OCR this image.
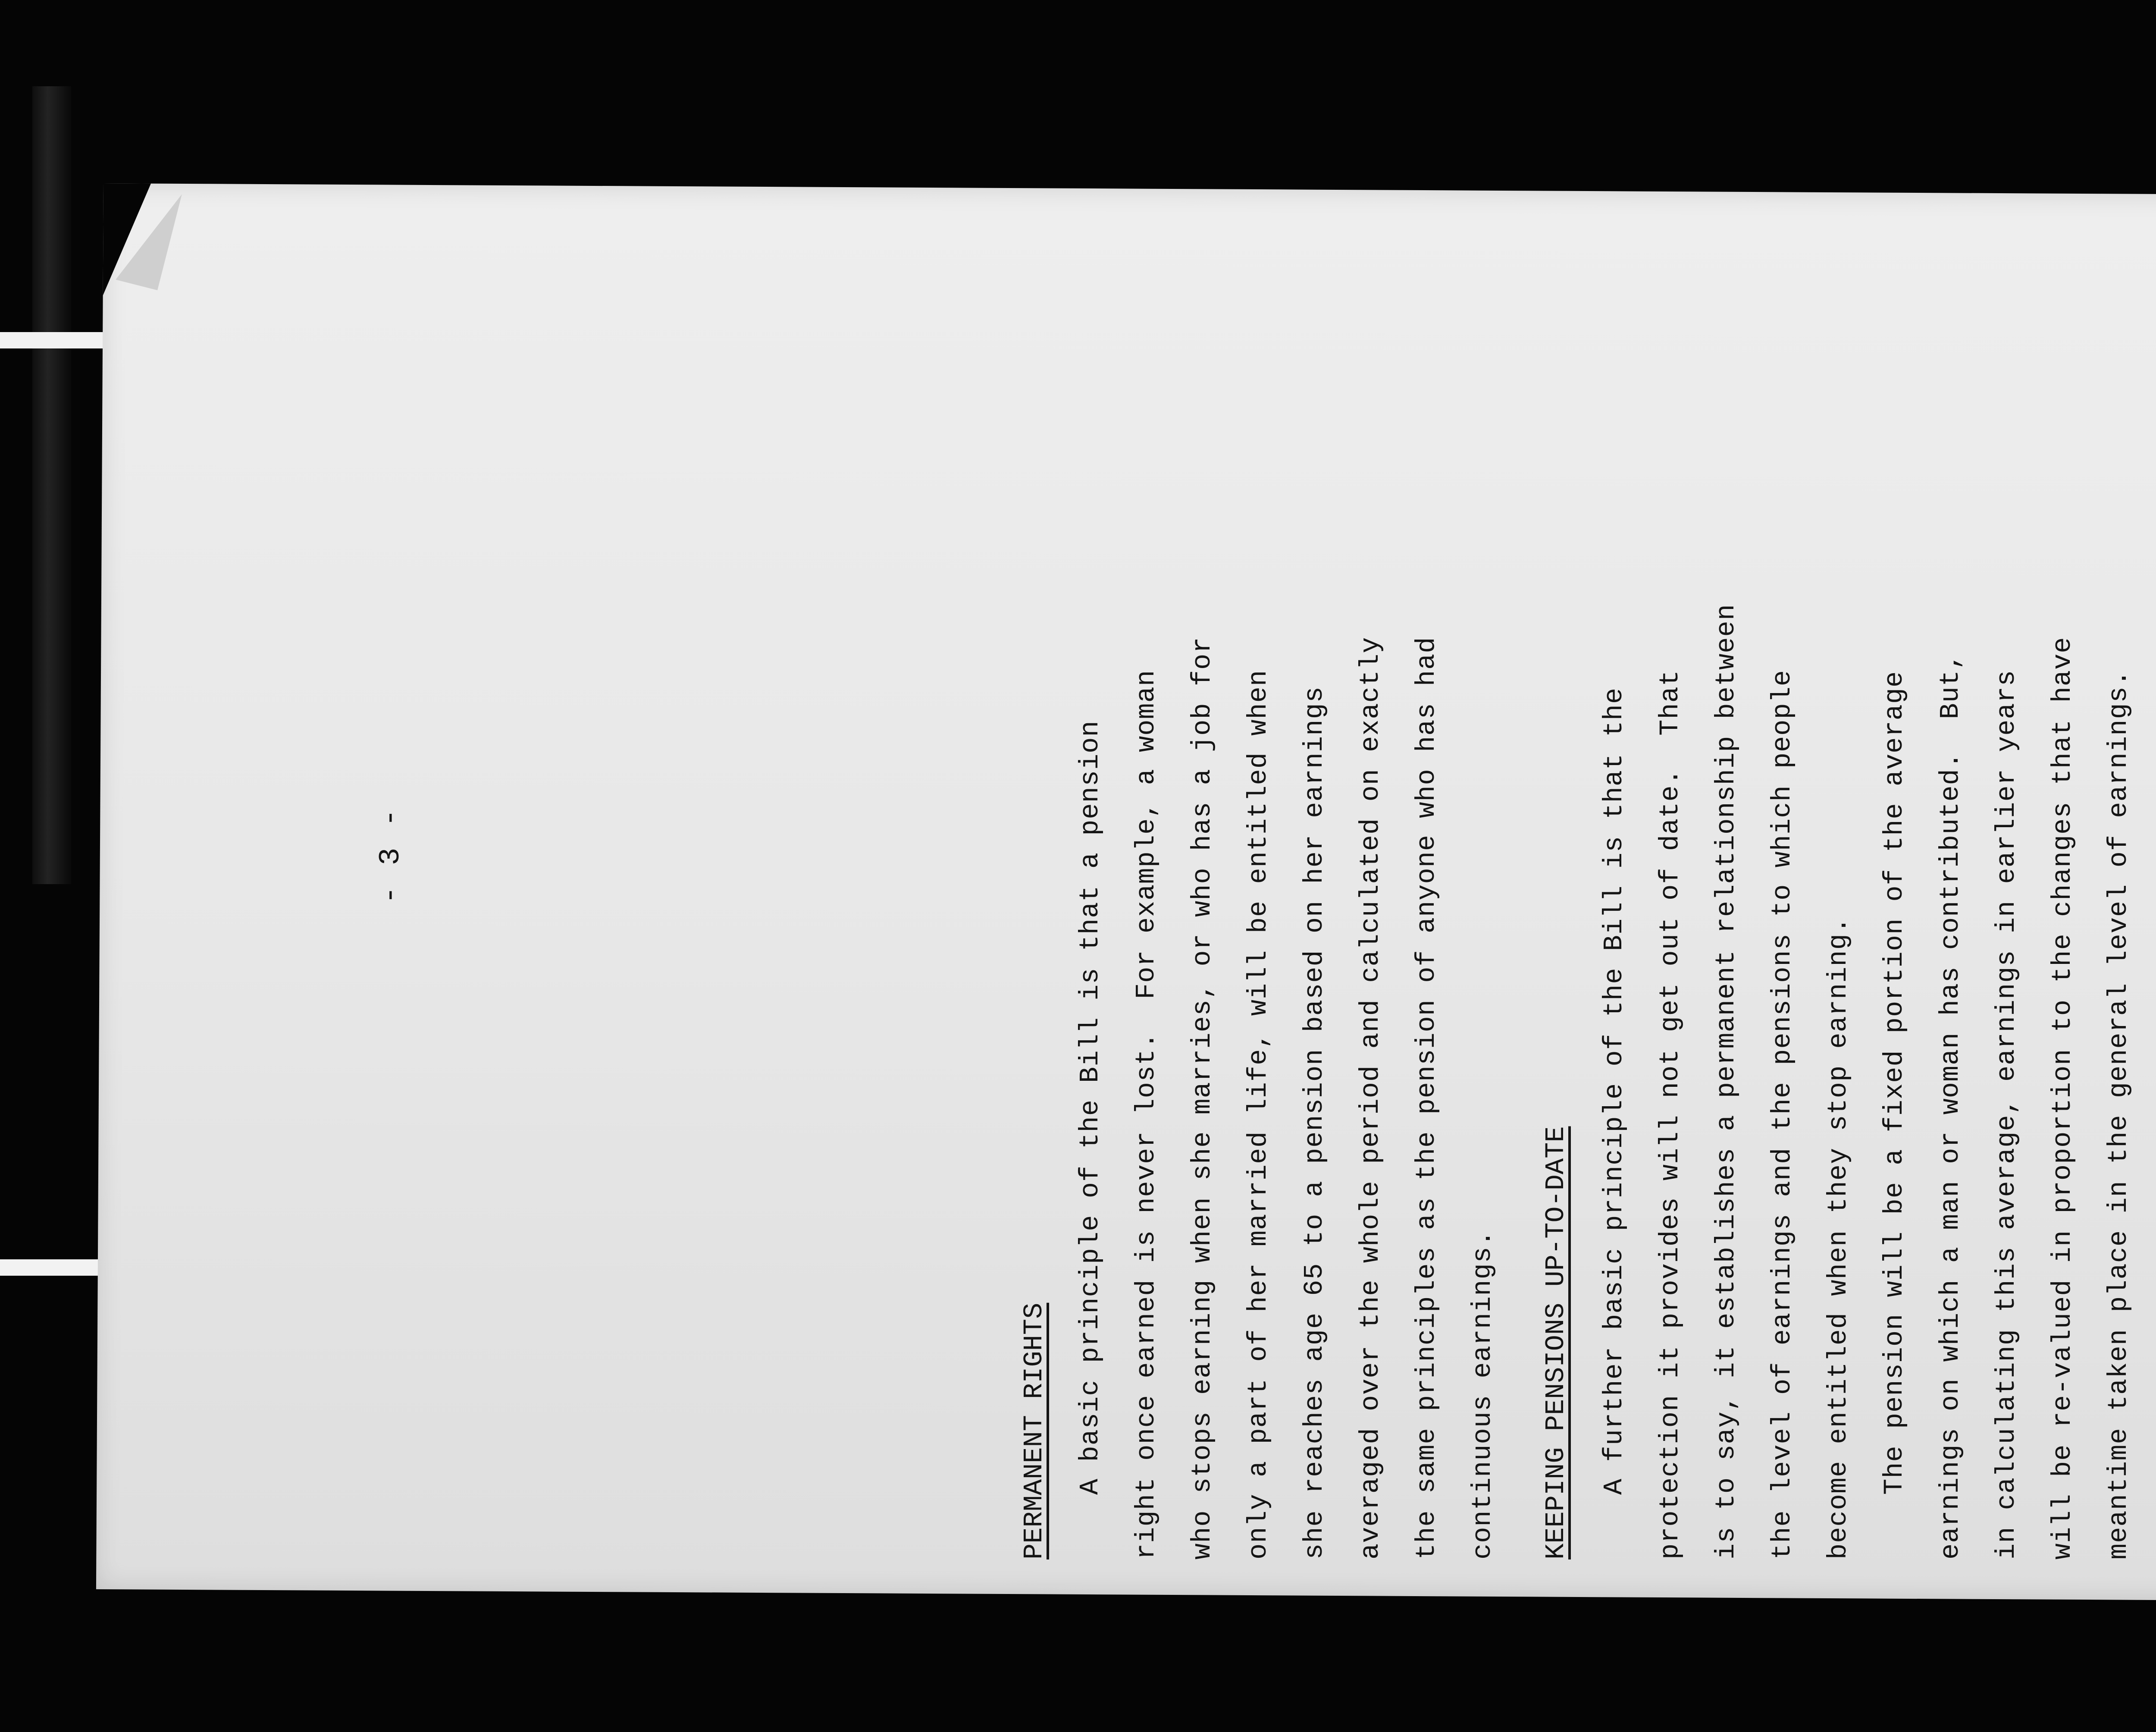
- 3 -
PERMANENT RIGHTS A basic principle of the Bill is that a pension right once earned is never lost.  For example, a woman who stops earning when she marries, or who has a job for only a part of her married life, will be entitled when she reaches age 65 to a pension based on her earnings averaged over the whole period and calculated on exactly the same principles as the pension of anyone who has had continuous earnings. KEEPING PENSIONS UP-TO-DATE A further basic principle of the Bill is that the protection it provides will not get out of date.  That is to say, it establishes a permanent relationship between the level of earnings and the pensions to which people become entitled when they stop earning. The pension will be a fixed portion of the average earnings on which a man or woman has contributed.  But, in calculating this average, earnings in earlier years will be re-valued in proportion to the changes that have meantime taken place in the general level of earnings.
